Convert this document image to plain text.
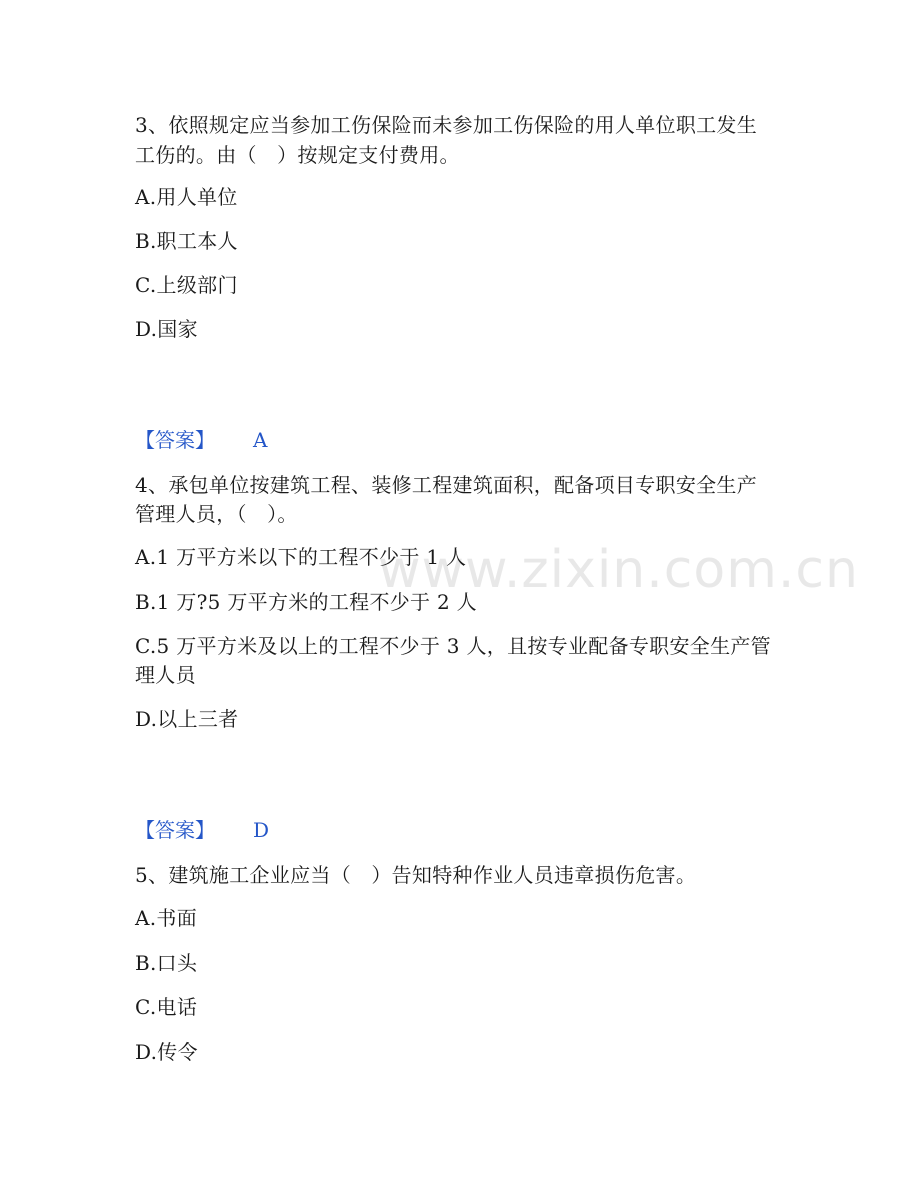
www.zixin.com.cn
3、依照规定应当参加工伤保险而未参加工伤保险的用人单位职工发生
工伤的。由（　）按规定支付费用。
A.用人单位
B.职工本人
C.上级部门
D.国家
【答案】 A
4、承包单位按建筑工程、装修工程建筑面积，配备项目专职安全生产
管理人员，（　）。
A.1 万平方米以下的工程不少于 1 人
B.1 万?5 万平方米的工程不少于 2 人
C.5 万平方米及以上的工程不少于 3 人，且按专业配备专职安全生产管
理人员
D.以上三者
【答案】 D
5、建筑施工企业应当（　）告知特种作业人员违章损伤危害。
A.书面
B.口头
C.电话
D.传令
